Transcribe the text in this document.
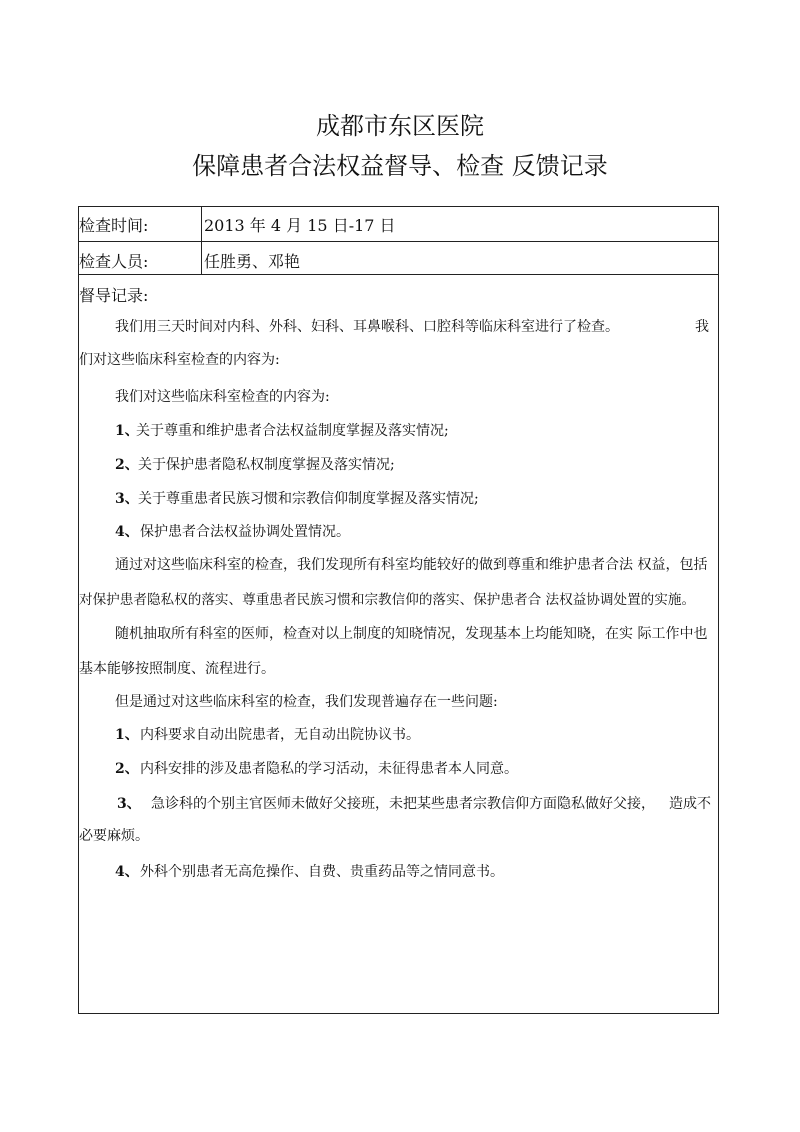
成都市东区医院
保障患者合法权益督导、检查 反馈记录
检查时间:	2013 年 4 月 15 日-17 日
检查人员:	任胜勇、邓艳
督导记录:
我们用三天时间对内科、外科、妇科、耳鼻喉科、口腔科等临床科室进行了检查。	我
们对这些临床科室检查的内容为:
我们对这些临床科室检查的内容为:
1、
关于尊重和维护患者合法权益制度掌握及落实情况;
2、 关于保护患者隐私权制度掌握及落实情况;
3、 关于尊重患者民族习惯和宗教信仰制度掌握及落实情况;
4、 保护患者合法权益协调处置情况。
通过对这些临床科室的检查，我们发现所有科室均能较好的做到尊重和维护患者合法 权益，包括
对保护患者隐私权的落实、尊重患者民族习惯和宗教信仰的落实、保护患者合 法权益协调处置的实施。
随机抽取所有科室的医师，检查对以上制度的知晓情况，发现基本上均能知晓，在实 际工作中也
基本能够按照制度、流程进行。
但是通过对这些临床科室的检查，我们发现普遍存在一些问题:
1、 内科要求自动出院患者，无自动出院协议书。
2、 内科安排的涉及患者隐私的学习活动，未征得患者本人同意。
3、 急诊科的个别主官医师未做好父接班，未把某些患者宗教信仰方面隐私做好父接， 造成不
必要麻烦。
4、 外科个别患者无高危操作、自费、贵重药品等之情同意书。
